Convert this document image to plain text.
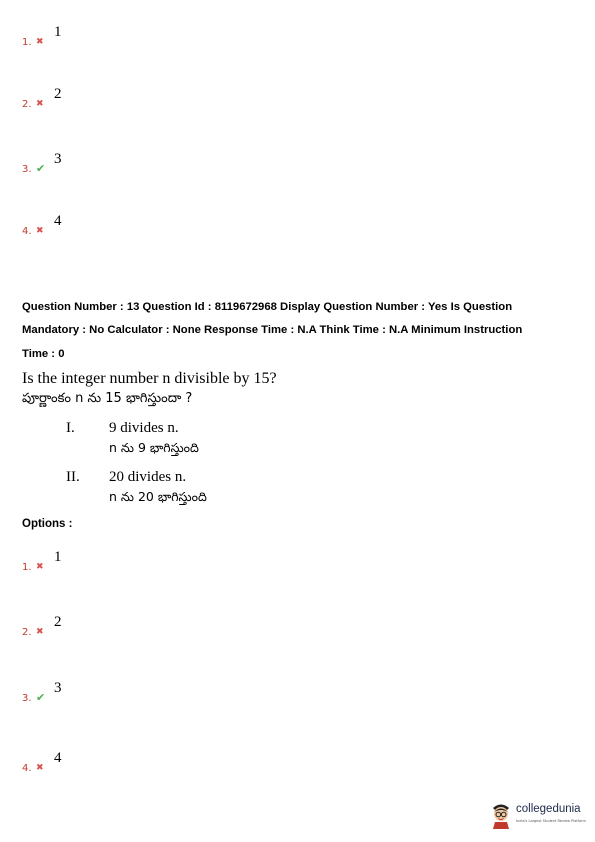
1. ✖
1
2. ✖
2
3. ✔
3
4. ✖
4
Question Number : 13 Question Id : 8119672968 Display Question Number : Yes Is Question
Mandatory : No Calculator : None Response Time : N.A Think Time : N.A Minimum Instruction
Time : 0
Is the integer number n divisible by 15?
పూర్ణాంకం n ను 15 భాగిస్తుందా ?
I. 9 divides n.
n ను 9 భాగిస్తుంది
II. 20 divides n.
n ను 20 భాగిస్తుంది
Options :
1. ✖
1
2. ✖
2
3. ✔
3
4. ✖
4
collegedunia
India's Largest Student Review Platform
